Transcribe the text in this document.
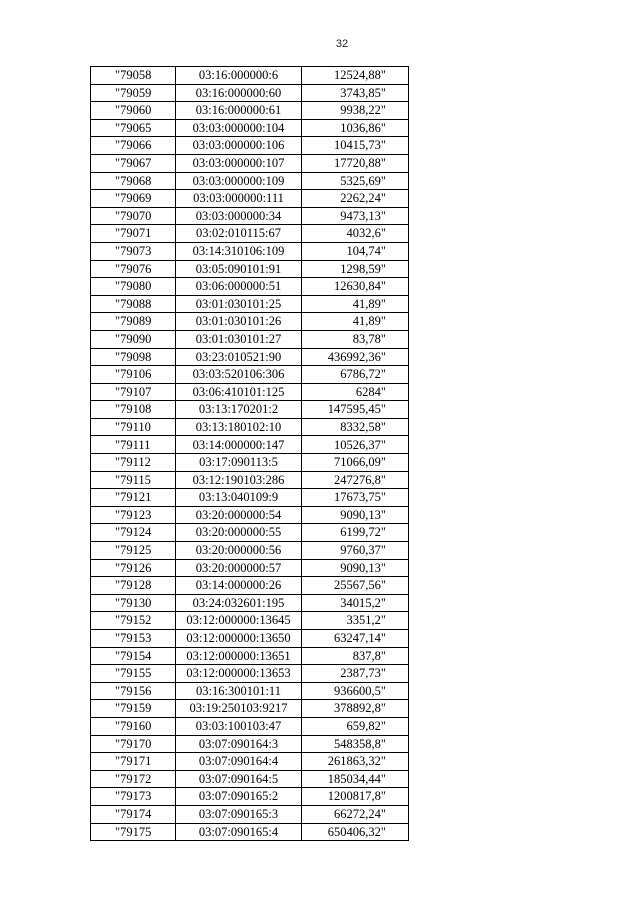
32
"79058	03:16:000000:6	12524,88"
"79059	03:16:000000:60	3743,85"
"79060	03:16:000000:61	9938,22"
"79065	03:03:000000:104	1036,86"
"79066	03:03:000000:106	10415,73"
"79067	03:03:000000:107	17720,88"
"79068	03:03:000000:109	5325,69"
"79069	03:03:000000:111	2262,24"
"79070	03:03:000000:34	9473,13"
"79071	03:02:010115:67	4032,6"
"79073	03:14:310106:109	104,74"
"79076	03:05:090101:91	1298,59"
"79080	03:06:000000:51	12630,84"
"79088	03:01:030101:25	41,89"
"79089	03:01:030101:26	41,89"
"79090	03:01:030101:27	83,78"
"79098	03:23:010521:90	436992,36"
"79106	03:03:520106:306	6786,72"
"79107	03:06:410101:125	6284"
"79108	03:13:170201:2	147595,45"
"79110	03:13:180102:10	8332,58"
"79111	03:14:000000:147	10526,37"
"79112	03:17:090113:5	71066,09"
"79115	03:12:190103:286	247276,8"
"79121	03:13:040109:9	17673,75"
"79123	03:20:000000:54	9090,13"
"79124	03:20:000000:55	6199,72"
"79125	03:20:000000:56	9760,37"
"79126	03:20:000000:57	9090,13"
"79128	03:14:000000:26	25567,56"
"79130	03:24:032601:195	34015,2"
"79152	03:12:000000:13645	3351,2"
"79153	03:12:000000:13650	63247,14"
"79154	03:12:000000:13651	837,8"
"79155	03:12:000000:13653	2387,73"
"79156	03:16:300101:11	936600,5"
"79159	03:19:250103:9217	378892,8"
"79160	03:03:100103:47	659,82"
"79170	03:07:090164:3	548358,8"
"79171	03:07:090164:4	261863,32"
"79172	03:07:090164:5	185034,44"
"79173	03:07:090165:2	1200817,8"
"79174	03:07:090165:3	66272,24"
"79175	03:07:090165:4	650406,32"
